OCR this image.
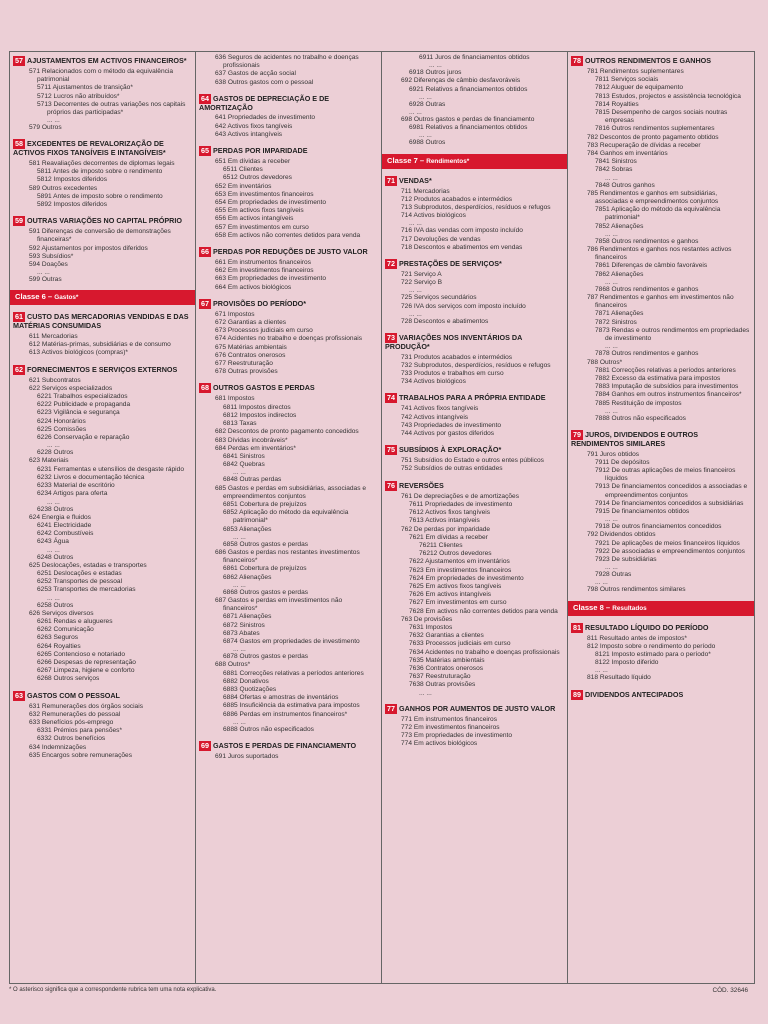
57 AJUSTAMENTOS EM ACTIVOS FINANCEIROS*
571 Relacionados com o método da equivalência patrimonial
5711 Ajustamentos de transição*
5712 Lucros não atribuídos*
5713 Decorrentes de outras variações nos capitais próprios das participadas*
... ...
579 Outros
58 EXCEDENTES DE REVALORIZAÇÃO DE ACTIVOS FIXOS TANGÍVEIS E INTANGÍVEIS*
581 Reavaliações decorrentes de diplomas legais
5811 Antes de imposto sobre o rendimento
5812 Impostos diferidos
589 Outros excedentes
5891 Antes de imposto sobre o rendimento
5892 Impostos diferidos
59 OUTRAS VARIAÇÕES NO CAPITAL PRÓPRIO
591 Diferenças de conversão de demonstrações financeiras*
592 Ajustamentos por impostos diferidos
593 Subsídios*
594 Doações
... ...
599 Outras
Classe 6 – Gastos*
61 CUSTO DAS MERCADORIAS VENDIDAS E DAS MATÉRIAS CONSUMIDAS
611 Mercadorias
612 Matérias-primas, subsidiárias e de consumo
613 Activos biológicos (compras)*
62 FORNECIMENTOS E SERVIÇOS EXTERNOS
621 Subcontratos
622 Serviços especializados
6221 Trabalhos especializados
6222 Publicidade e propaganda
6223 Vigilância e segurança
6224 Honorários
6225 Comissões
6226 Conservação e reparação
... ...
6228 Outros
623 Materiais
6231 Ferramentas e utensílios de desgaste rápido
6232 Livros e documentação técnica
6233 Material de escritório
6234 Artigos para oferta
... ...
6238 Outros
624 Energia e fluidos
6241 Electricidade
6242 Combustíveis
6243 Água
... ...
6248 Outros
625 Deslocações, estadas e transportes
6251 Deslocações e estadas
6252 Transportes de pessoal
6253 Transportes de mercadorias
... ...
6258 Outros
626 Serviços diversos
6261 Rendas e alugueres
6262 Comunicação
6263 Seguros
6264 Royalties
6265 Contencioso e notariado
6266 Despesas de representação
6267 Limpeza, higiene e conforto
6268 Outros serviços
63 GASTOS COM O PESSOAL
631 Remunerações dos órgãos sociais
632 Remunerações do pessoal
633 Benefícios pós-emprego
6331 Prémios para pensões*
6332 Outros benefícios
634 Indemnizações
635 Encargos sobre remunerações
636 Seguros de acidentes no trabalho e doenças profissionais
637 Gastos de acção social
638 Outros gastos com o pessoal
64 GASTOS DE DEPRECIAÇÃO E DE AMORTIZAÇÃO
641 Propriedades de investimento
642 Activos fixos tangíveis
643 Activos intangíveis
65 PERDAS POR IMPARIDADE
651 Em dívidas a receber
6511 Clientes
6512 Outros devedores
652 Em inventários
653 Em investimentos financeiros
654 Em propriedades de investimento
655 Em activos fixos tangíveis
656 Em activos intangíveis
657 Em investimentos em curso
658 Em activos não correntes detidos para venda
66 PERDAS POR REDUÇÕES DE JUSTO VALOR
661 Em instrumentos financeiros
662 Em investimentos financeiros
663 Em propriedades de investimento
664 Em activos biológicos
67 PROVISÕES DO PERÍODO*
671 Impostos
672 Garantias a clientes
673 Processos judiciais em curso
674 Acidentes no trabalho e doenças profissionais
675 Matérias ambientais
676 Contratos onerosos
677 Reestruturação
678 Outras provisões
68 OUTROS GASTOS E PERDAS
681 Impostos
6811 Impostos directos
6812 Impostos indirectos
6813 Taxas
682 Descontos de pronto pagamento concedidos
683 Dívidas incobráveis*
684 Perdas em inventários*
6841 Sinistros
6842 Quebras
... ...
6848 Outras perdas
685 Gastos e perdas em subsidiárias, associadas e empreendimentos conjuntos
6851 Cobertura de prejuízos
6852 Aplicação do método da equivalência patrimonial*
6853 Alienações
... ...
6858 Outros gastos e perdas
686 Gastos e perdas nos restantes investimentos financeiros*
6861 Cobertura de prejuízos
6862 Alienações
... ...
6868 Outros gastos e perdas
687 Gastos e perdas em investimentos não financeiros*
6871 Alienações
6872 Sinistros
6873 Abates
6874 Gastos em propriedades de investimento
... ...
6878 Outros gastos e perdas
688 Outros*
6881 Correcções relativas a períodos anteriores
6882 Donativos
6883 Quotizações
6884 Ofertas e amostras de inventários
6885 Insuficiência da estimativa para impostos
6886 Perdas em instrumentos financeiros*
... ...
6888 Outros não especificados
69 GASTOS E PERDAS DE FINANCIAMENTO
691 Juros suportados
6911 Juros de financiamentos obtidos
... ...
6918 Outros juros
692 Diferenças de câmbio desfavoráveis
6921 Relativos a financiamentos obtidos
... ...
6928 Outras
... ...
698 Outros gastos e perdas de financiamento
6981 Relativos a financiamentos obtidos
... ...
6988 Outros
Classe 7 – Rendimentos*
71 VENDAS*
711 Mercadorias
712 Produtos acabados e intermédios
713 Subprodutos, desperdícios, resíduos e refugos
714 Activos biológicos
... ...
716 IVA das vendas com imposto incluído
717 Devoluções de vendas
718 Descontos e abatimentos em vendas
72 PRESTAÇÕES DE SERVIÇOS*
721 Serviço A
722 Serviço B
... ...
725 Serviços secundários
726 IVA dos serviços com imposto incluído
... ...
728 Descontos e abatimentos
73 VARIAÇÕES NOS INVENTÁRIOS DA PRODUÇÃO*
731 Produtos acabados e intermédios
732 Subprodutos, desperdícios, resíduos e refugos
733 Produtos e trabalhos em curso
734 Activos biológicos
74 TRABALHOS PARA A PRÓPRIA ENTIDADE
741 Activos fixos tangíveis
742 Activos intangíveis
743 Propriedades de investimento
744 Activos por gastos diferidos
75 SUBSÍDIOS À EXPLORAÇÃO*
751 Subsídios do Estado e outros entes públicos
752 Subsídios de outras entidades
76 REVERSÕES
761 De depreciações e de amortizações
7611 Propriedades de investimento
7612 Activos fixos tangíveis
7613 Activos intangíveis
762 De perdas por imparidade
7621 Em dívidas a receber
76211 Clientes
76212 Outros devedores
7622 Ajustamentos em inventários
7623 Em investimentos financeiros
7624 Em propriedades de investimento
7625 Em activos fixos tangíveis
7626 Em activos intangíveis
7627 Em investimentos em curso
7628 Em activos não correntes detidos para venda
763 De provisões
7631 Impostos
7632 Garantias a clientes
7633 Processos judiciais em curso
7634 Acidentes no trabalho e doenças profissionais
7635 Matérias ambientais
7636 Contratos onerosos
7637 Reestruturação
7638 Outras provisões
... ...
77 GANHOS POR AUMENTOS DE JUSTO VALOR
771 Em instrumentos financeiros
772 Em investimentos financeiros
773 Em propriedades de investimento
774 Em activos biológicos
78 OUTROS RENDIMENTOS E GANHOS
781 Rendimentos suplementares
7811 Serviços sociais
7812 Aluguer de equipamento
7813 Estudos, projectos e assistência tecnológica
7814 Royalties
7815 Desempenho de cargos sociais noutras empresas
7816 Outros rendimentos suplementares
782 Descontos de pronto pagamento obtidos
783 Recuperação de dívidas a receber
784 Ganhos em inventários
7841 Sinistros
7842 Sobras
... ...
7848 Outros ganhos
785 Rendimentos e ganhos em subsidiárias, associadas e empreendimentos conjuntos
7851 Aplicação do método da equivalência patrimonial*
7852 Alienações
... ...
7858 Outros rendimentos e ganhos
786 Rendimentos e ganhos nos restantes activos financeiros
7861 Diferenças de câmbio favoráveis
7862 Alienações
... ...
7868 Outros rendimentos e ganhos
787 Rendimentos e ganhos em investimentos não financeiros
7871 Alienações
7872 Sinistros
7873 Rendas e outros rendimentos em propriedades de investimento
... ...
7878 Outros rendimentos e ganhos
788 Outros*
7881 Correcções relativas a períodos anteriores
7882 Excesso da estimativa para impostos
7883 Imputação de subsídios para investimentos
7884 Ganhos em outros instrumentos financeiros*
7885 Restituição de impostos
... ...
7888 Outros não especificados
79 JUROS, DIVIDENDOS E OUTROS RENDIMENTOS SIMILARES
791 Juros obtidos
7911 De depósitos
7912 De outras aplicações de meios financeiros líquidos
7913 De financiamentos concedidos a associadas e empreendimentos conjuntos
7914 De financiamentos concedidos a subsidiárias
7915 De financiamentos obtidos
... ...
7918 De outros financiamentos concedidos
792 Dividendos obtidos
7921 De aplicações de meios financeiros líquidos
7922 De associadas e empreendimentos conjuntos
7923 De subsidiárias
... ...
7928 Outras
... ...
798 Outros rendimentos similares
Classe 8 – Resultados
81 RESULTADO LÍQUIDO DO PERÍODO
811 Resultado antes de impostos*
812 Imposto sobre o rendimento do período
8121 Imposto estimado para o período*
8122 Imposto diferido
... ...
818 Resultado líquido
89 DIVIDENDOS ANTECIPADOS
* O asterisco significa que a correspondente rubrica tem uma nota explicativa.	CÓD. 32646
